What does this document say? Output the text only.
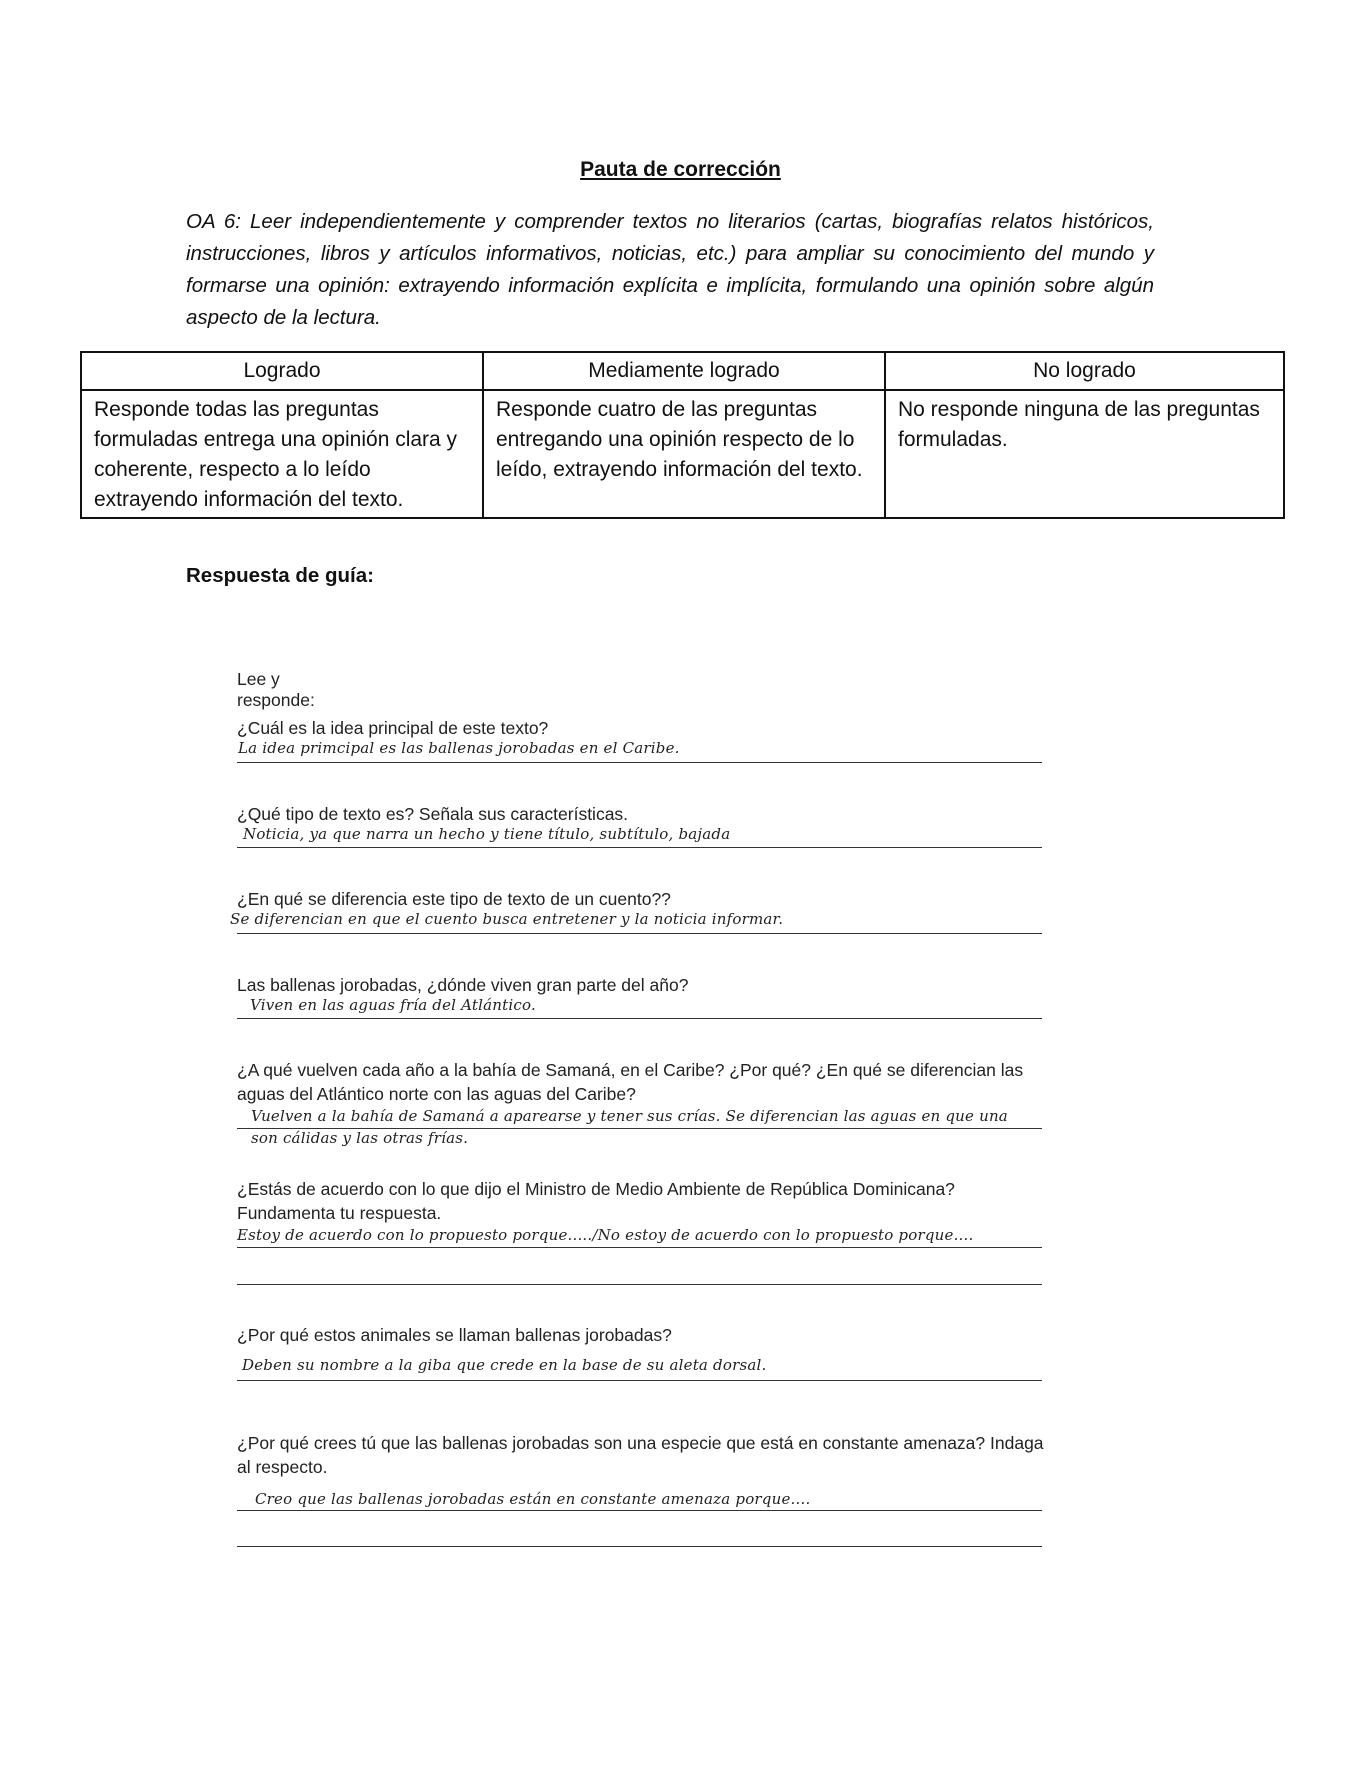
Pauta de corrección
OA 6: Leer independientemente y comprender textos no literarios (cartas, biografías relatos históricos, instrucciones, libros y artículos informativos, noticias, etc.) para ampliar su conocimiento del mundo y formarse una opinión: extrayendo información explícita e implícita, formulando una opinión sobre algún aspecto de la lectura.
Logrado	Mediamente logrado	No logrado
Responde todas las preguntas formuladas entrega una opinión clara y coherente, respecto a lo leído extrayendo información del texto.	Responde cuatro de las preguntas entregando una opinión respecto de lo leído, extrayendo información del texto.	No responde ninguna de las preguntas formuladas.
Respuesta de guía:
Lee y responde:
¿Cuál es la idea principal de este texto?
La idea primcipal es las ballenas jorobadas en el Caribe.
¿Qué tipo de texto es? Señala sus características.
Noticia, ya que narra un hecho y tiene título, subtítulo, bajada
¿En qué se diferencia este tipo de texto de un cuento??
Se diferencian en que el cuento busca entretener y la noticia informar.
Las ballenas jorobadas, ¿dónde viven gran parte del año?
Viven en las aguas fría del Atlántico.
¿A qué vuelven cada año a la bahía de Samaná, en el Caribe? ¿Por qué? ¿En qué se diferencian las aguas del Atlántico norte con las aguas del Caribe?
Vuelven a la bahía de Samaná a aparearse y tener sus crías. Se diferencian las aguas en que una
son cálidas y las otras frías.
¿Estás de acuerdo con lo que dijo el Ministro de Medio Ambiente de República Dominicana? Fundamenta tu respuesta.
Estoy de acuerdo con lo propuesto porque...../No estoy de acuerdo con lo propuesto porque....
¿Por qué estos animales se llaman ballenas jorobadas?
Deben su nombre a la giba que crede en la base de su aleta dorsal.
¿Por qué crees tú que las ballenas jorobadas son una especie que está en constante amenaza? Indaga al respecto.
Creo que las ballenas jorobadas están en constante amenaza porque....
